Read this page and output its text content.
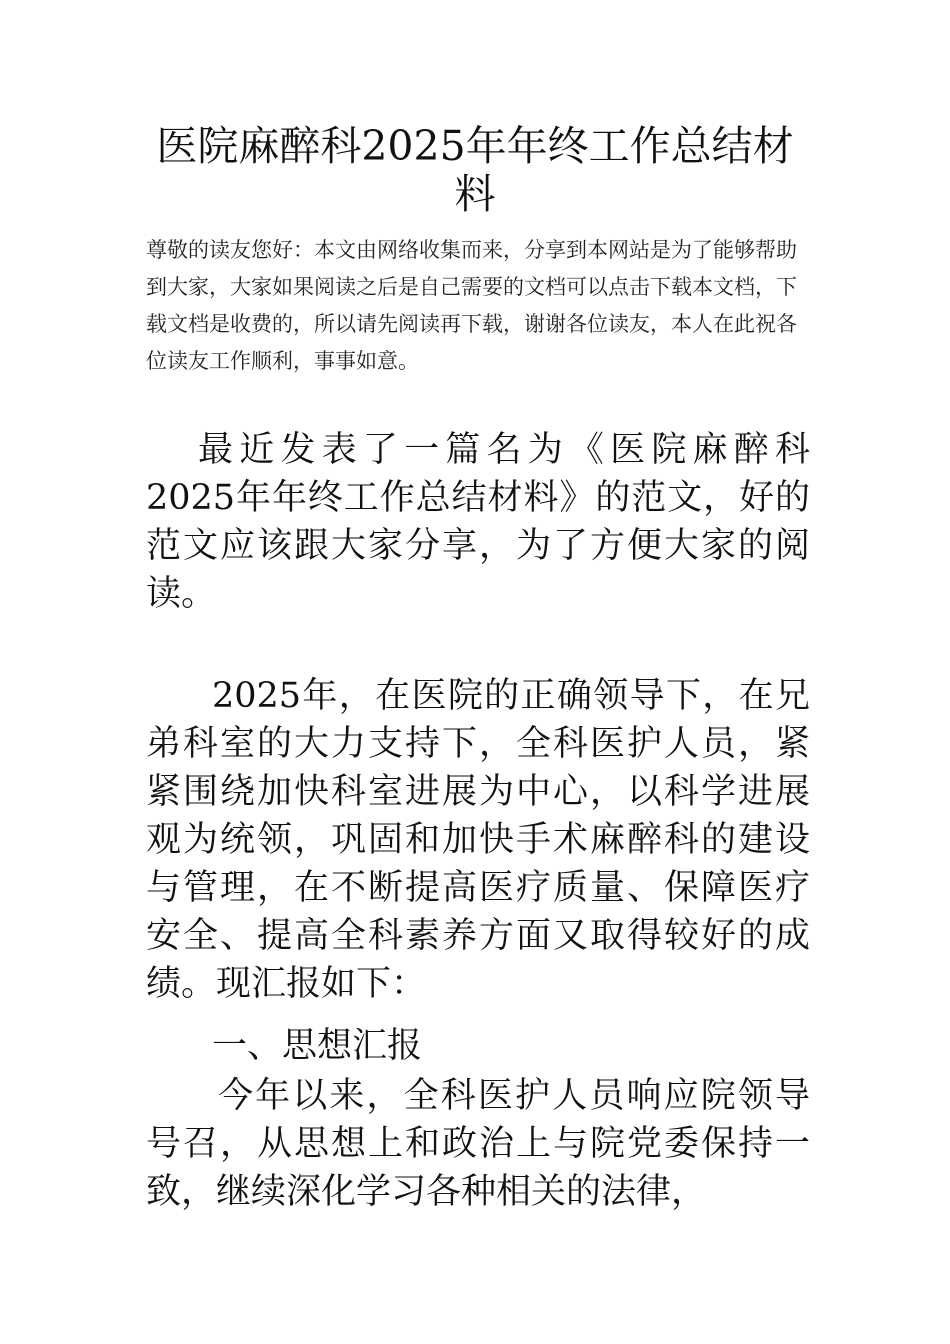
医院麻醉科2025年年终工作总结材料

尊敬的读友您好：本文由网络收集而来，分享到本网站是为了能够帮助到大家，大家如果阅读之后是自己需要的文档可以点击下载本文档，下载文档是收费的，所以请先阅读再下载，谢谢各位读友，本人在此祝各位读友工作顺利，事事如意。

最近发表了一篇名为《医院麻醉科2025年年终工作总结材料》的范文，好的范文应该跟大家分享，为了方便大家的阅读。

2025年，在医院的正确领导下，在兄弟科室的大力支持下，全科医护人员，紧紧围绕加快科室进展为中心，以科学进展观为统领，巩固和加快手术麻醉科的建设与管理，在不断提高医疗质量、保障医疗安全、提高全科素养方面又取得较好的成绩。现汇报如下：

一、思想汇报

今年以来，全科医护人员响应院领导号召，从思想上和政治上与院党委保持一致，继续深化学习各种相关的法律，
